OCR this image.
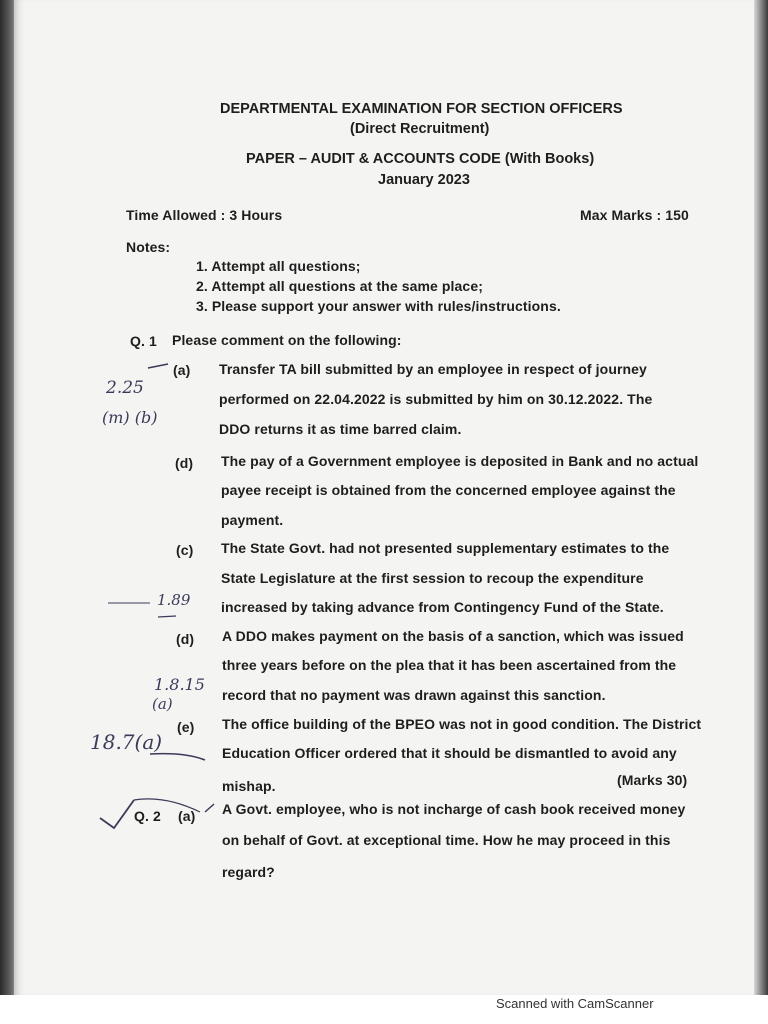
DEPARTMENTAL EXAMINATION FOR SECTION OFFICERS
(Direct Recruitment)
PAPER – AUDIT & ACCOUNTS CODE (With Books)
January 2023
Time Allowed : 3 Hours	Max Marks : 150
Notes:
1. Attempt all questions;
2. Attempt all questions at the same place;
3. Please support your answer with rules/instructions.
Q. 1 Please comment on the following:
(a) Transfer TA bill submitted by an employee in respect of journey
performed on 22.04.2022 is submitted by him on 30.12.2022. The
DDO returns it as time barred claim.
(d) The pay of a Government employee is deposited in Bank and no actual
payee receipt is obtained from the concerned employee against the
payment.
(c) The State Govt. had not presented supplementary estimates to the
State Legislature at the first session to recoup the expenditure
increased by taking advance from Contingency Fund of the State.
(d) A DDO makes payment on the basis of a sanction, which was issued
three years before on the plea that it has been ascertained from the
record that no payment was drawn against this sanction.
(e) The office building of the BPEO was not in good condition. The District
Education Officer ordered that it should be dismantled to avoid any
mishap.	(Marks 30)
Q. 2 (a) A Govt. employee, who is not incharge of cash book received money
on behalf of Govt. at exceptional time. How he may proceed in this
regard?
2.25
(m) (b)
1.89
1.8.15
(a)
18.7(a)
Scanned with CamScanner
